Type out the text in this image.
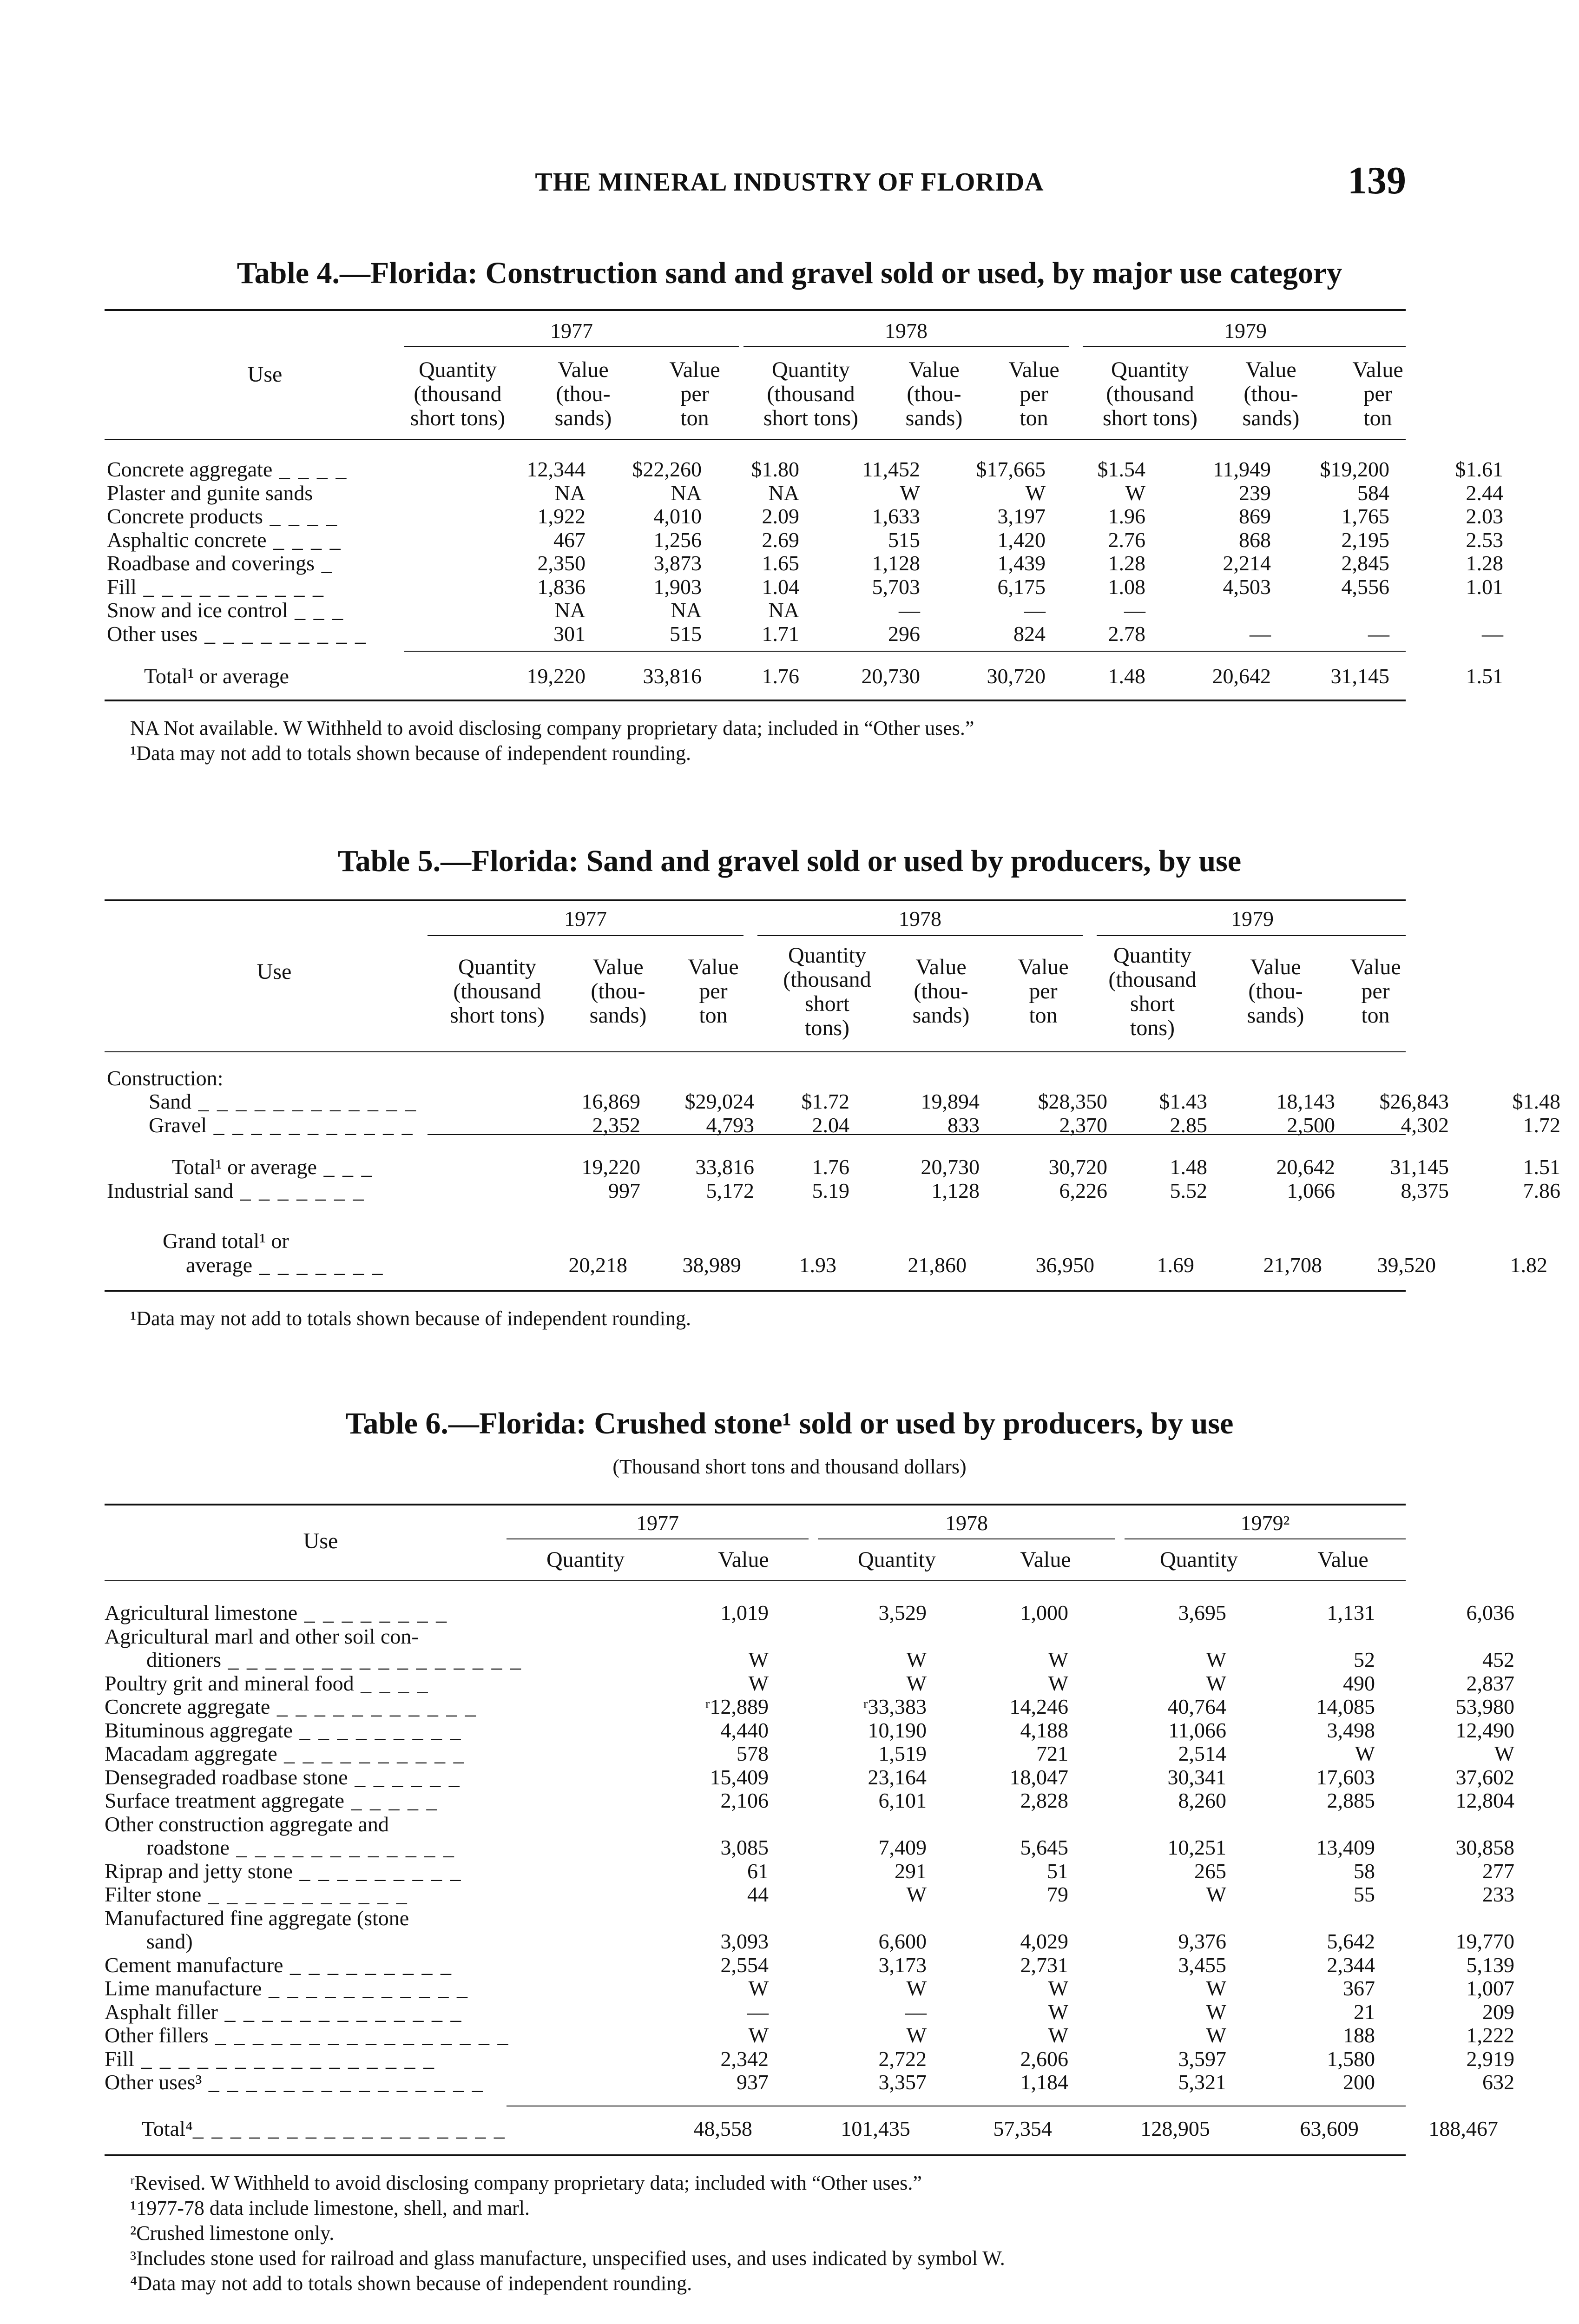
THE MINERAL INDUSTRY OF FLORIDA	139
Table 4.—Florida: Construction sand and gravel sold or used, by major use category
1977	1978	1979
Use	Quantity
(thousand
short tons)
Value
(thou-
sands)
Value
per
ton
Quantity
(thousand
short tons)
Value
(thou-
sands)
Value
per
ton
Quantity
(thousand
short tons)
Value
(thou-
sands)
Value
per
ton
Concrete aggregate _ _ _ _	12,344	$22,260	$1.80	11,452	$17,665	$1.54	11,949	$19,200	$1.61
Plaster and gunite sands	NA	NA	NA	W	W	W	239	584	2.44
Concrete products _ _ _ _	1,922	4,010	2.09	1,633	3,197	1.96	869	1,765	2.03
Asphaltic concrete _ _ _ _	467	1,256	2.69	515	1,420	2.76	868	2,195	2.53
Roadbase and coverings _	2,350	3,873	1.65	1,128	1,439	1.28	2,214	2,845	1.28
Fill _ _ _ _ _ _ _ _ _ _	1,836	1,903	1.04	5,703	6,175	1.08	4,503	4,556	1.01
Snow and ice control _ _ _	NA	NA	NA	—	—	—			
Other uses _ _ _ _ _ _ _ _ _	301	515	1.71	296	824	2.78	—	—	—
Total¹ or average	19,220	33,816	1.76	20,730	30,720	1.48	20,642	31,145	1.51
NA Not available. W Withheld to avoid disclosing company proprietary data; included in “Other uses.”
¹Data may not add to totals shown because of independent rounding.
Table 5.—Florida: Sand and gravel sold or used by producers, by use
1977	1978	1979
Use	Quantity
(thousand
short tons)
Value
(thou-
sands)
Value
per
ton
Quantity
(thousand
short
tons)
Value
(thou-
sands)
Value
per
ton
Quantity
(thousand
short
tons)
Value
(thou-
sands)
Value
per
ton
Construction:
Sand _ _ _ _ _ _ _ _ _ _ _ _	16,869	$29,024	$1.72	19,894	$28,350	$1.43	18,143	$26,843	$1.48
Gravel _ _ _ _ _ _ _ _ _ _ _	2,352	4,793	2.04	833	2,370	2.85	2,500	4,302	1.72
Total¹ or average _ _ _	19,220	33,816	1.76	20,730	30,720	1.48	20,642	31,145	1.51
Industrial sand _ _ _ _ _ _ _	997	5,172	5.19	1,128	6,226	5.52	1,066	8,375	7.86
Grand total¹ or
average _ _ _ _ _ _ _	20,218	38,989	1.93	21,860	36,950	1.69	21,708	39,520	1.82
¹Data may not add to totals shown because of independent rounding.
Table 6.—Florida: Crushed stone¹ sold or used by producers, by use
(Thousand short tons and thousand dollars)
1977	1978	1979²
Use
Quantity	Value	Quantity	Value	Quantity	Value
Agricultural limestone _ _ _ _ _ _ _ _	1,019	3,529	1,000	3,695	1,131	6,036
Agricultural marl and other soil con-						
ditioners _ _ _ _ _ _ _ _ _ _ _ _ _ _ _ _	W	W	W	W	52	452
Poultry grit and mineral food _ _ _ _	W	W	W	W	490	2,837
Concrete aggregate _ _ _ _ _ _ _ _ _ _ _	ʳ12,889	ʳ33,383	14,246	40,764	14,085	53,980
Bituminous aggregate _ _ _ _ _ _ _ _ _	4,440	10,190	4,188	11,066	3,498	12,490
Macadam aggregate _ _ _ _ _ _ _ _ _ _	578	1,519	721	2,514	W	W
Densegraded roadbase stone _ _ _ _ _ _	15,409	23,164	18,047	30,341	17,603	37,602
Surface treatment aggregate _ _ _ _ _	2,106	6,101	2,828	8,260	2,885	12,804
Other construction aggregate and						
roadstone _ _ _ _ _ _ _ _ _ _ _ _	3,085	7,409	5,645	10,251	13,409	30,858
Riprap and jetty stone _ _ _ _ _ _ _ _ _	61	291	51	265	58	277
Filter stone _ _ _ _ _ _ _ _ _ _ _	44	W	79	W	55	233
Manufactured fine aggregate (stone						
sand)	3,093	6,600	4,029	9,376	5,642	19,770
Cement manufacture _ _ _ _ _ _ _ _ _	2,554	3,173	2,731	3,455	2,344	5,139
Lime manufacture _ _ _ _ _ _ _ _ _ _ _	W	W	W	W	367	1,007
Asphalt filler _ _ _ _ _ _ _ _ _ _ _ _ _	—	—	W	W	21	209
Other fillers _ _ _ _ _ _ _ _ _ _ _ _ _ _ _ _	W	W	W	W	188	1,222
Fill _ _ _ _ _ _ _ _ _ _ _ _ _ _ _ _	2,342	2,722	2,606	3,597	1,580	2,919
Other uses³ _ _ _ _ _ _ _ _ _ _ _ _ _ _ _	937	3,357	1,184	5,321	200	632
Total⁴_ _ _ _ _ _ _ _ _ _ _ _ _ _ _ _ _	48,558	101,435	57,354	128,905	63,609	188,467
ʳRevised. W Withheld to avoid disclosing company proprietary data; included with “Other uses.”
¹1977-78 data include limestone, shell, and marl.
²Crushed limestone only.
³Includes stone used for railroad and glass manufacture, unspecified uses, and uses indicated by symbol W.
⁴Data may not add to totals shown because of independent rounding.
